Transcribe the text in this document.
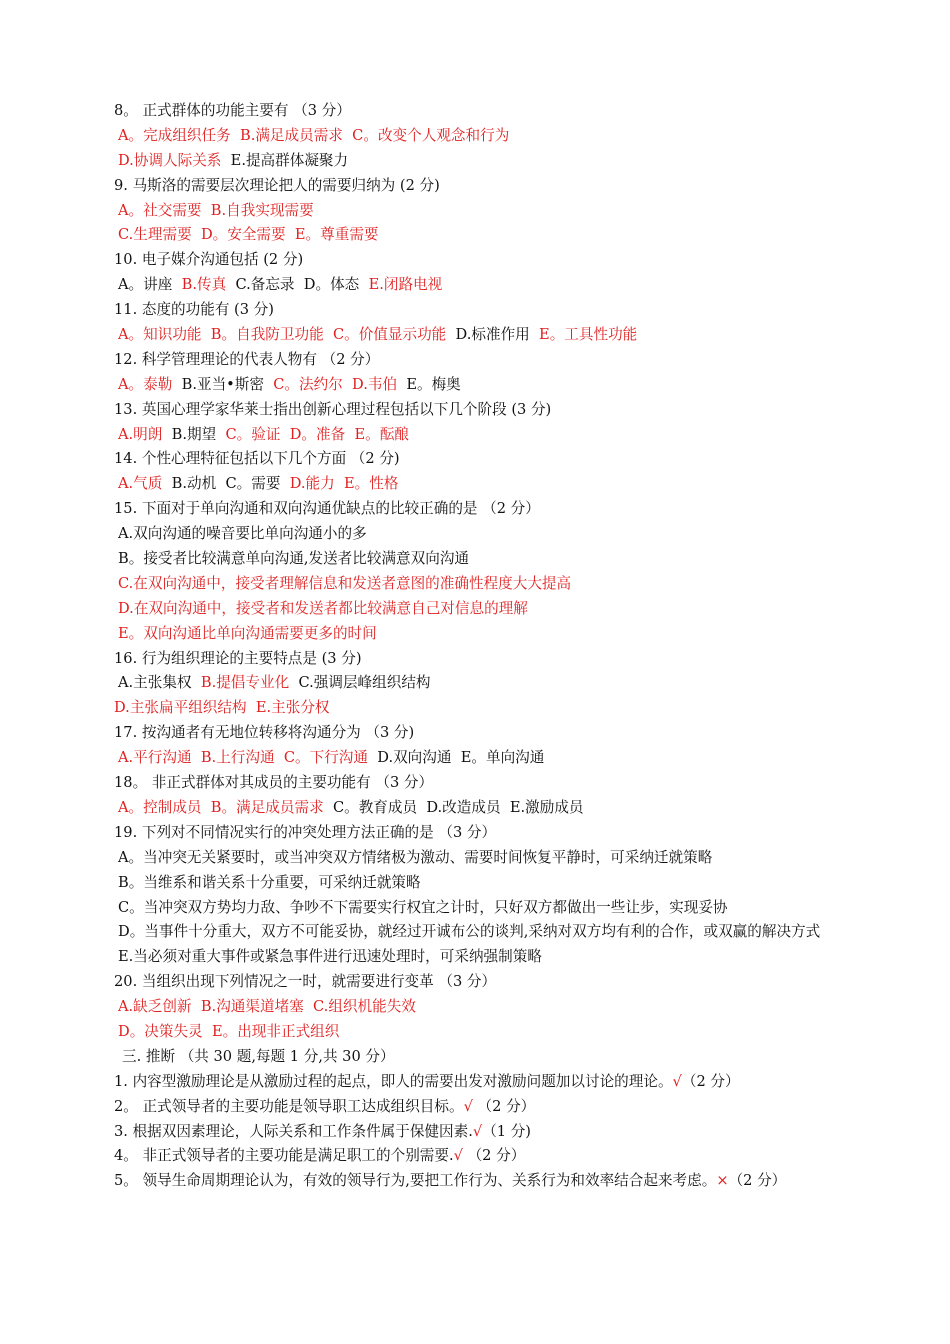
8。 正式群体的功能主要有 （3 分）
A。完成组织任务  B.满足成员需求  C。改变个人观念和行为
D.协调人际关系  E.提高群体凝聚力
9. 马斯洛的需要层次理论把人的需要归纳为 (2 分)
A。社交需要  B.自我实现需要
C.生理需要  D。安全需要  E。尊重需要
10. 电子媒介沟通包括 (2 分)
A。讲座  B.传真  C.备忘录  D。体态  E.闭路电视
11. 态度的功能有 (3 分)
A。知识功能  B。自我防卫功能  C。价值显示功能  D.标准作用  E。工具性功能
12. 科学管理理论的代表人物有 （2 分）
A。泰勒  B.亚当•斯密  C。法约尔  D.韦伯  E。梅奥
13. 英国心理学家华莱士指出创新心理过程包括以下几个阶段 (3 分)
A.明朗  B.期望  C。验证  D。准备  E。酝酿
14. 个性心理特征包括以下几个方面 （2 分)
A.气质  B.动机  C。需要  D.能力  E。性格
15. 下面对于单向沟通和双向沟通优缺点的比较正确的是 （2 分）
A.双向沟通的噪音要比单向沟通小的多
B。接受者比较满意单向沟通,发送者比较满意双向沟通
C.在双向沟通中，接受者理解信息和发送者意图的准确性程度大大提高
D.在双向沟通中，接受者和发送者都比较满意自己对信息的理解
E。双向沟通比单向沟通需要更多的时间
16. 行为组织理论的主要特点是 (3 分)
A.主张集权  B.提倡专业化  C.强调层峰组织结构
D.主张扁平组织结构  E.主张分权
17. 按沟通者有无地位转移将沟通分为 （3 分)
A.平行沟通  B.上行沟通  C。下行沟通  D.双向沟通  E。单向沟通
18。 非正式群体对其成员的主要功能有 （3 分）
A。控制成员  B。满足成员需求  C。教育成员  D.改造成员  E.激励成员
19. 下列对不同情况实行的冲突处理方法正确的是 （3 分）
A。当冲突无关紧要时，或当冲突双方情绪极为激动、需要时间恢复平静时，可采纳迁就策略
B。当维系和谐关系十分重要，可采纳迁就策略
C。当冲突双方势均力敌、争吵不下需要实行权宜之计时，只好双方都做出一些让步，实现妥协
D。当事件十分重大，双方不可能妥协，就经过开诚布公的谈判,采纳对双方均有利的合作，或双赢的解决方式
E.当必须对重大事件或紧急事件进行迅速处理时，可采纳强制策略
20. 当组织出现下列情况之一时，就需要进行变革 （3 分）
A.缺乏创新  B.沟通渠道堵塞  C.组织机能失效
D。决策失灵  E。出现非正式组织
三. 推断 （共 30 题,每题 1 分,共 30 分）
1. 内容型激励理论是从激励过程的起点，即人的需要出发对激励问题加以讨论的理论。√（2 分）
2。 正式领导者的主要功能是领导职工达成组织目标。√ （2 分）
3. 根据双因素理论，人际关系和工作条件属于保健因素.√（1 分)
4。 非正式领导者的主要功能是满足职工的个别需要.√ （2 分）
5。 领导生命周期理论认为，有效的领导行为,要把工作行为、关系行为和效率结合起来考虑。×（2 分）
